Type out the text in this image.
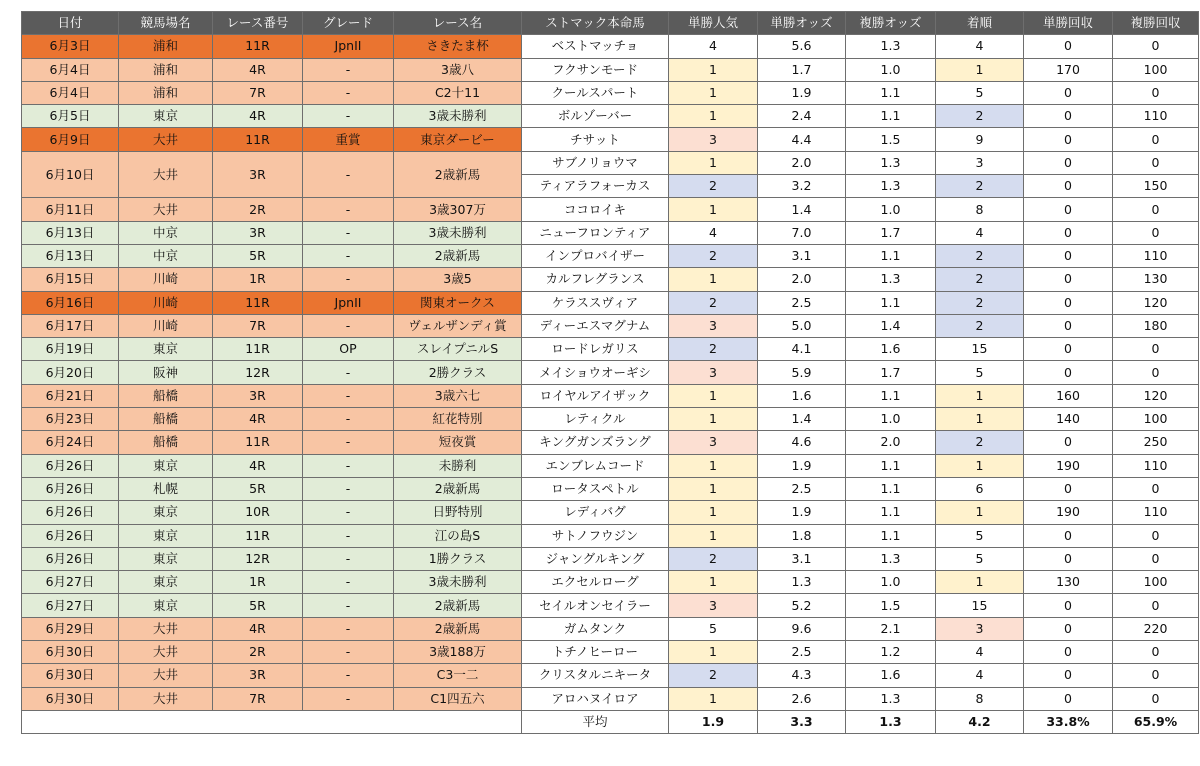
日付	競馬場名	レース番号	グレード	レース名	ストマック本命馬	単勝人気	単勝オッズ	複勝オッズ	着順	単勝回収	複勝回収
6月3日	浦和	11R	JpnII	さきたま杯	ベストマッチョ	4	5.6	1.3	4	0	0
6月4日	浦和	4R	-	3歳八	フクサンモード	1	1.7	1.0	1	170	100
6月4日	浦和	7R	-	C2十11	クールスパート	1	1.9	1.1	5	0	0
6月5日	東京	4R	-	3歳未勝利	ボルゾーバー	1	2.4	1.1	2	0	110
6月9日	大井	11R	重賞	東京ダービー	チサット	3	4.4	1.5	9	0	0
6月10日	大井	3R	-	2歳新馬	サブノリョウマ	1	2.0	1.3	3	0	0
					ティアラフォーカス	2	3.2	1.3	2	0	150
6月11日	大井	2R	-	3歳307万	ココロイキ	1	1.4	1.0	8	0	0
6月13日	中京	3R	-	3歳未勝利	ニューフロンティア	4	7.0	1.7	4	0	0
6月13日	中京	5R	-	2歳新馬	インプロバイザー	2	3.1	1.1	2	0	110
6月15日	川崎	1R	-	3歳5	カルフレグランス	1	2.0	1.3	2	0	130
6月16日	川崎	11R	JpnII	関東オークス	ケラススヴィア	2	2.5	1.1	2	0	120
6月17日	川崎	7R	-	ヴェルザンディ賞	ディーエスマグナム	3	5.0	1.4	2	0	180
6月19日	東京	11R	OP	スレイプニルS	ロードレガリス	2	4.1	1.6	15	0	0
6月20日	阪神	12R	-	2勝クラス	メイショウオーギシ	3	5.9	1.7	5	0	0
6月21日	船橋	3R	-	3歳六七	ロイヤルアイザック	1	1.6	1.1	1	160	120
6月23日	船橋	4R	-	紅花特別	レティクル	1	1.4	1.0	1	140	100
6月24日	船橋	11R	-	短夜賞	キングガンズラング	3	4.6	2.0	2	0	250
6月26日	東京	4R	-	未勝利	エンブレムコード	1	1.9	1.1	1	190	110
6月26日	札幌	5R	-	2歳新馬	ロータスペトル	1	2.5	1.1	6	0	0
6月26日	東京	10R	-	日野特別	レディバグ	1	1.9	1.1	1	190	110
6月26日	東京	11R	-	江の島S	サトノフウジン	1	1.8	1.1	5	0	0
6月26日	東京	12R	-	1勝クラス	ジャングルキング	2	3.1	1.3	5	0	0
6月27日	東京	1R	-	3歳未勝利	エクセルローグ	1	1.3	1.0	1	130	100
6月27日	東京	5R	-	2歳新馬	セイルオンセイラー	3	5.2	1.5	15	0	0
6月29日	大井	4R	-	2歳新馬	ガムタンク	5	9.6	2.1	3	0	220
6月30日	大井	2R	-	3歳188万	トチノヒーロー	1	2.5	1.2	4	0	0
6月30日	大井	3R	-	C3一二	クリスタルニキータ	2	4.3	1.6	4	0	0
6月30日	大井	7R	-	C1四五六	アロハヌイロア	1	2.6	1.3	8	0	0
					平均	1.9	3.3	1.3	4.2	33.8%	65.9%
